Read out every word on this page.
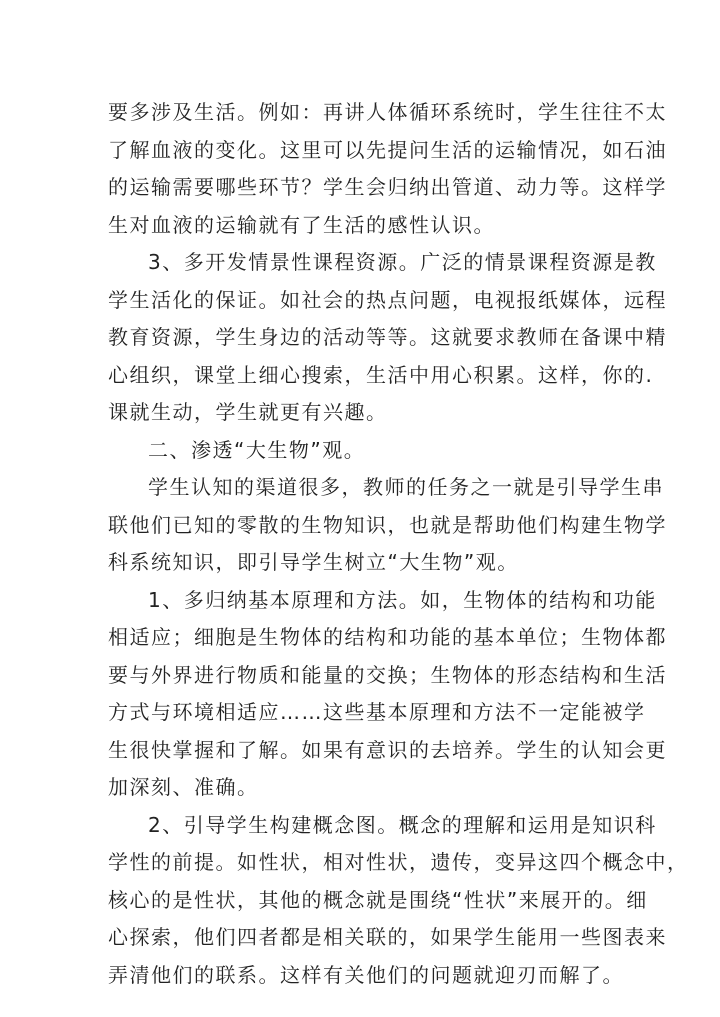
要多涉及生活。例如：再讲人体循环系统时，学生往往不太
了解血液的变化。这里可以先提问生活的运输情况，如石油
的运输需要哪些环节？学生会归纳出管道、动力等。这样学
生对血液的运输就有了生活的感性认识。
3、多开发情景性课程资源。广泛的情景课程资源是教
学生活化的保证。如社会的热点问题，电视报纸媒体，远程
教育资源，学生身边的活动等等。这就要求教师在备课中精
心组织，课堂上细心搜索，生活中用心积累。这样，你的.
课就生动，学生就更有兴趣。
二、渗透“大生物”观。
学生认知的渠道很多，教师的任务之一就是引导学生串
联他们已知的零散的生物知识，也就是帮助他们构建生物学
科系统知识，即引导学生树立“大生物”观。
1、多归纳基本原理和方法。如，生物体的结构和功能
相适应；细胞是生物体的结构和功能的基本单位；生物体都
要与外界进行物质和能量的交换；生物体的形态结构和生活
方式与环境相适应……这些基本原理和方法不一定能被学
生很快掌握和了解。如果有意识的去培养。学生的认知会更
加深刻、准确。
2、引导学生构建概念图。概念的理解和运用是知识科
学性的前提。如性状，相对性状，遗传，变异这四个概念中，
核心的是性状，其他的概念就是围绕“性状”来展开的。细
心探索，他们四者都是相关联的，如果学生能用一些图表来
弄清他们的联系。这样有关他们的问题就迎刃而解了。
